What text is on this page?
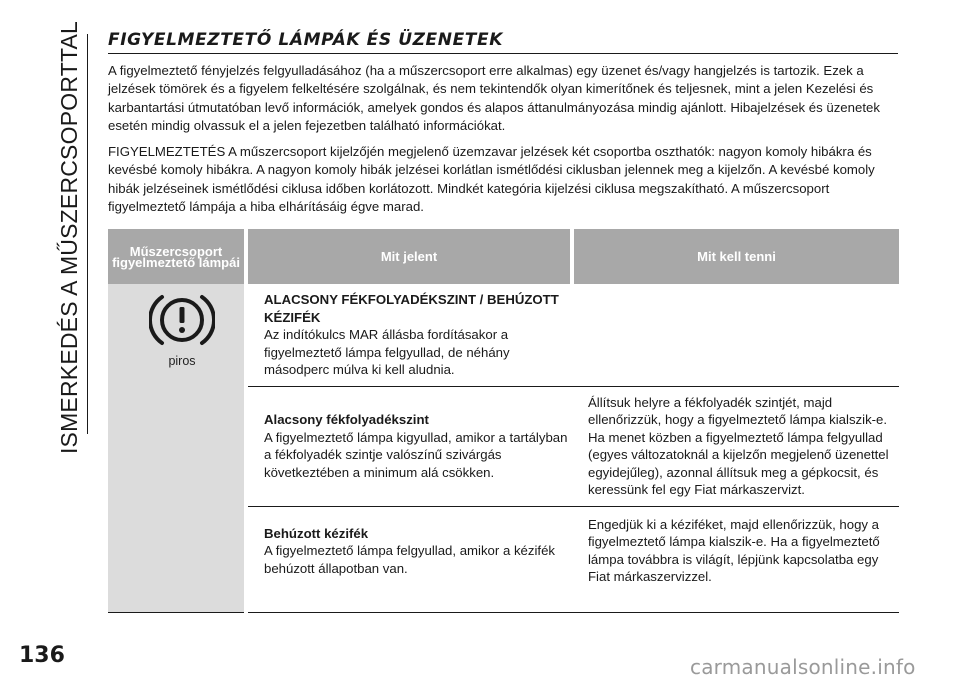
ISMERKEDÉS A MŰSZERCSOPORTTAL
136
FIGYELMEZTETŐ LÁMPÁK ÉS ÜZENETEK

A figyelmeztető fényjelzés felgyulladásához (ha a műszercsoport erre alkalmas) egy üzenet és/vagy hangjelzés is tartozik. Ezek a jelzések tömörek és a figyelem felkeltésére szolgálnak, és nem tekintendők olyan kimerítőnek és teljesnek, mint a jelen Kezelési és karbantartási útmutatóban levő információk, amelyek gondos és alapos áttanulmányozása mindig ajánlott. Hibajelzések és üzenetek esetén mindig olvassuk el a jelen fejezetben található információkat.

FIGYELMEZTETÉS A műszercsoport kijelzőjén megjelenő üzemzavar jelzések két csoportba oszthatók: nagyon komoly hibákra és kevésbé komoly hibákra. A nagyon komoly hibák jelzései korlátlan ismétlődési ciklusban jelennek meg a kijelzőn. A kevésbé komoly hibák jelzéseinek ismétlődési ciklusa időben korlátozott. Mindkét kategória kijelzési ciklusa megszakítható. A műszercsoport figyelmeztető lámpája a hiba elhárításáig égve marad.

Műszercsoport figyelmeztető lámpái	Mit jelent	Mit kell tenni

piros	ALACSONY FÉKFOLYADÉKSZINT / BEHÚZOTT KÉZIFÉK
Az indítókulcs MAR állásba fordításakor a figyelmeztető lámpa felgyullad, de néhány másodperc múlva ki kell aludnia.	
	Alacsony fékfolyadékszint
A figyelmeztető lámpa kigyullad, amikor a tartályban a fékfolyadék szintje valószínű szivárgás következtében a minimum alá csökken.	Állítsuk helyre a fékfolyadék szintjét, majd ellenőrizzük, hogy a figyelmeztető lámpa kialszik-e. Ha menet közben a figyelmeztető lámpa felgyullad (egyes változatoknál a kijelzőn megjelenő üzenettel egyidejűleg), azonnal állítsuk meg a gépkocsit, és keressünk fel egy Fiat márkaszervizt.
	Behúzott kézifék
A figyelmeztető lámpa felgyullad, amikor a kézifék behúzott állapotban van.	Engedjük ki a kéziféket, majd ellenőrizzük, hogy a figyelmeztető lámpa kialszik-e. Ha a figyelmeztető lámpa továbbra is világít, lépjünk kapcsolatba egy Fiat márkaszervizzel.
carmanualsonline.info
